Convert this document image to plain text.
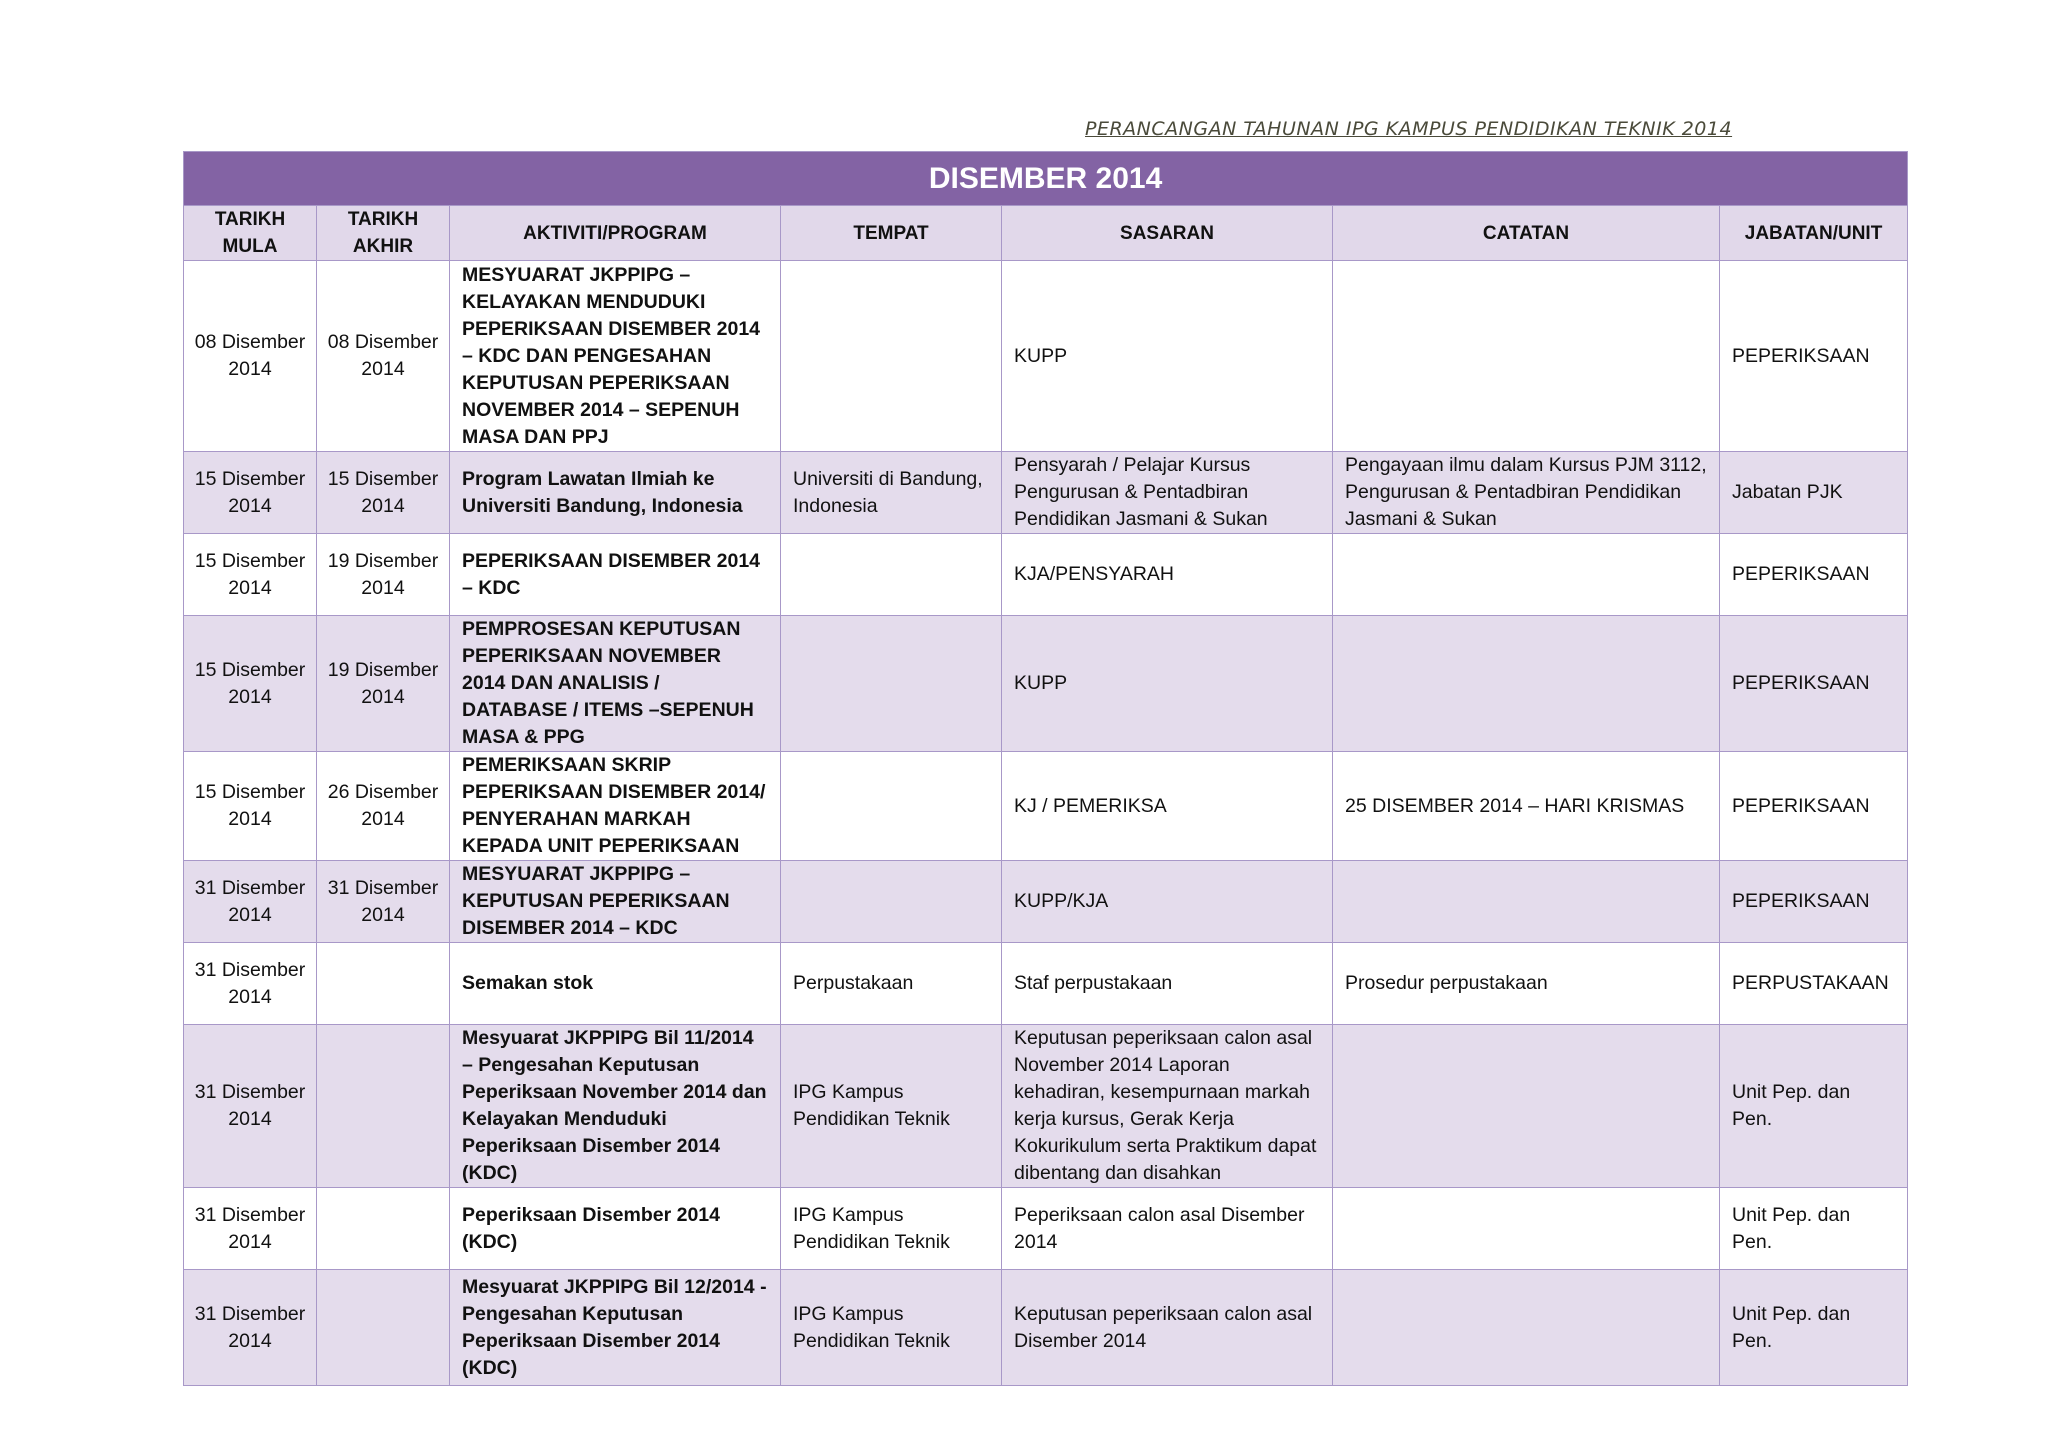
PERANCANGAN TAHUNAN IPG KAMPUS PENDIDIKAN TEKNIK 2014
DISEMBER 2014						
TARIKH MULA	TARIKH AKHIR	AKTIVITI/PROGRAM	TEMPAT	SASARAN	CATATAN	JABATAN/UNIT
08 Disember 2014	08 Disember 2014	MESYUARAT JKPPIPG – KELAYAKAN MENDUDUKI PEPERIKSAAN DISEMBER 2014 – KDC DAN PENGESAHAN KEPUTUSAN PEPERIKSAAN NOVEMBER 2014 – SEPENUH MASA DAN PPJ		KUPP		PEPERIKSAAN
15 Disember 2014	15 Disember 2014	Program Lawatan Ilmiah ke Universiti Bandung, Indonesia	Universiti di Bandung, Indonesia	Pensyarah / Pelajar Kursus Pengurusan & Pentadbiran Pendidikan Jasmani & Sukan	Pengayaan ilmu dalam Kursus PJM 3112, Pengurusan & Pentadbiran Pendidikan Jasmani & Sukan	Jabatan PJK
15 Disember 2014	19 Disember 2014	PEPERIKSAAN DISEMBER 2014 – KDC		KJA/PENSYARAH		PEPERIKSAAN
15 Disember 2014	19 Disember 2014	PEMPROSESAN KEPUTUSAN PEPERIKSAAN NOVEMBER 2014 DAN ANALISIS / DATABASE / ITEMS –SEPENUH MASA & PPG		KUPP		PEPERIKSAAN
15 Disember 2014	26 Disember 2014	PEMERIKSAAN SKRIP PEPERIKSAAN DISEMBER 2014/ PENYERAHAN MARKAH KEPADA UNIT PEPERIKSAAN		KJ / PEMERIKSA	25 DISEMBER 2014 – HARI KRISMAS	PEPERIKSAAN
31 Disember 2014	31 Disember 2014	MESYUARAT JKPPIPG – KEPUTUSAN PEPERIKSAAN DISEMBER 2014 – KDC		KUPP/KJA		PEPERIKSAAN
31 Disember 2014		Semakan stok	Perpustakaan	Staf perpustakaan	Prosedur perpustakaan	PERPUSTAKAAN
31 Disember 2014		Mesyuarat JKPPIPG Bil 11/2014 – Pengesahan Keputusan Peperiksaan November 2014 dan Kelayakan Menduduki Peperiksaan Disember 2014 (KDC)	IPG Kampus Pendidikan Teknik	Keputusan peperiksaan calon asal November 2014 Laporan kehadiran, kesempurnaan markah kerja kursus, Gerak Kerja Kokurikulum serta Praktikum dapat dibentang dan disahkan		Unit Pep. dan Pen.
31 Disember 2014		Peperiksaan Disember 2014 (KDC)	IPG Kampus Pendidikan Teknik	Peperiksaan calon asal Disember 2014		Unit Pep. dan Pen.
31 Disember 2014		Mesyuarat JKPPIPG Bil 12/2014 - Pengesahan Keputusan Peperiksaan Disember 2014 (KDC)	IPG Kampus Pendidikan Teknik	Keputusan peperiksaan calon asal Disember 2014		Unit Pep. dan Pen.
